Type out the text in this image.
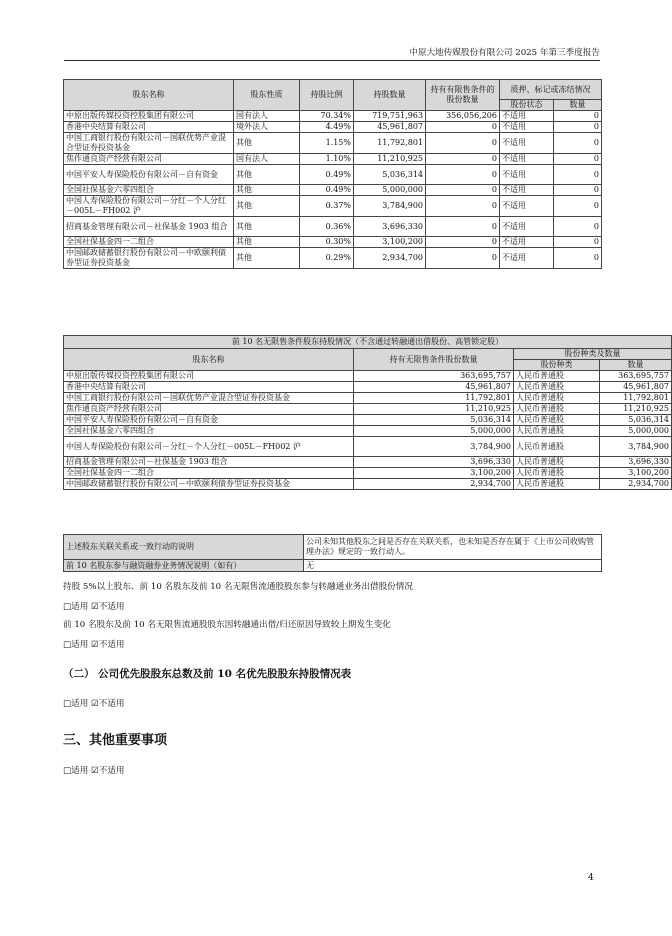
中原大地传媒股份有限公司 2025 年第三季度报告
股东名称	股东性质	持股比例	持股数量	持有有限售条件的股份数量	质押、标记或冻结情况	
					股份状态	数量
中原出版传媒投资控股集团有限公司	国有法人	70.34%	719,751,963	356,056,206	不适用	0
香港中央结算有限公司	境外法人	4.49%	45,961,807	0	不适用	0
中国工商银行股份有限公司－国联优势产业混合型证券投资基金	其他	1.15%	11,792,801	0	不适用	0
焦作通良资产经营有限公司	国有法人	1.10%	11,210,925	0	不适用	0
中国平安人寿保险股份有限公司－自有资金	其他	0.49%	5,036,314	0	不适用	0
全国社保基金六零四组合	其他	0.49%	5,000,000	0	不适用	0
中国人寿保险股份有限公司－分红－个人分红－005L－FH002 沪	其他	0.37%	3,784,900	0	不适用	0
招商基金管理有限公司－社保基金 1903 组合	其他	0.36%	3,696,330	0	不适用	0
全国社保基金四一二组合	其他	0.30%	3,100,200	0	不适用	0
中国邮政储蓄银行股份有限公司－中欧颐利债券型证券投资基金	其他	0.29%	2,934,700	0	不适用	0
前 10 名无限售条件股东持股情况（不含通过转融通出借股份、高管锁定股）			
股东名称	持有无限售条件股份数量	股份种类及数量	
		股份种类	数量
中原出版传媒投资控股集团有限公司	363,695,757	人民币普通股	363,695,757
香港中央结算有限公司	45,961,807	人民币普通股	45,961,807
中国工商银行股份有限公司－国联优势产业混合型证券投资基金	11,792,801	人民币普通股	11,792,801
焦作通良资产经营有限公司	11,210,925	人民币普通股	11,210,925
中国平安人寿保险股份有限公司－自有资金	5,036,314	人民币普通股	5,036,314
全国社保基金六零四组合	5,000,000	人民币普通股	5,000,000
中国人寿保险股份有限公司－分红－个人分红－005L－FH002 沪	3,784,900	人民币普通股	3,784,900
招商基金管理有限公司－社保基金 1903 组合	3,696,330	人民币普通股	3,696,330
全国社保基金四一二组合	3,100,200	人民币普通股	3,100,200
中国邮政储蓄银行股份有限公司－中欧颐利债券型证券投资基金	2,934,700	人民币普通股	2,934,700
上述股东关联关系或一致行动的说明	公司未知其他股东之间是否存在关联关系，也未知是否存在属于《上市公司收购管理办法》规定的一致行动人。
前 10 名股东参与融资融券业务情况说明（如有）	无
持股 5%以上股东、前 10 名股东及前 10 名无限售流通股股东参与转融通业务出借股份情况
□适用 ☑不适用
前 10 名股东及前 10 名无限售流通股股东因转融通出借/归还原因导致较上期发生变化
□适用 ☑不适用
（二） 公司优先股股东总数及前 10 名优先股股东持股情况表
□适用 ☑不适用
三、其他重要事项
□适用 ☑不适用
4
